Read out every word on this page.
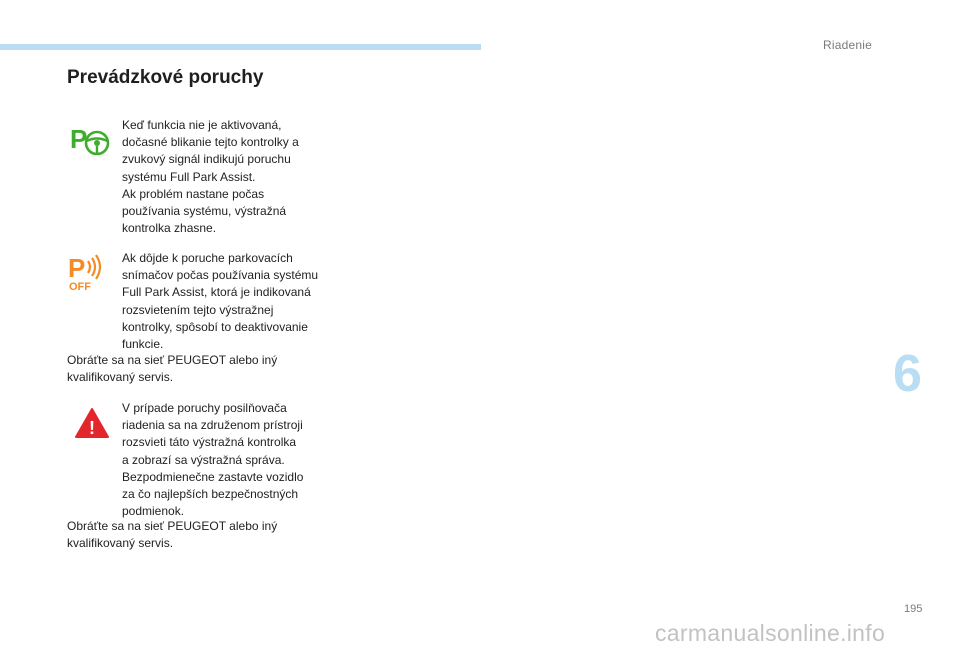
Riadenie
Prevádzkové poruchy
P	Keď funkcia nie je aktivovaná,
dočasné blikanie tejto kontrolky a
zvukový signál indikujú poruchu
systému Full Park Assist.
Ak problém nastane počas
používania systému, výstražná
kontrolka zhasne.

P
OFF

Ak dôjde k poruche parkovacích
snímačov počas používania systému
Full Park Assist, ktorá je indikovaná
rozsvietením tejto výstražnej
kontrolky, spôsobí to deaktivovanie
funkcie.

Obráťte sa na sieť PEUGEOT alebo iný
kvalifikovaný servis.

!

V prípade poruchy posilňovača
riadenia sa na združenom prístroji
rozsvieti táto výstražná kontrolka
a zobrazí sa výstražná správa.
Bezpodmienečne zastavte vozidlo
za čo najlepších bezpečnostných
podmienok.

Obráťte sa na sieť PEUGEOT alebo iný
kvalifikovaný servis.

6
195
carmanualsonline.info
